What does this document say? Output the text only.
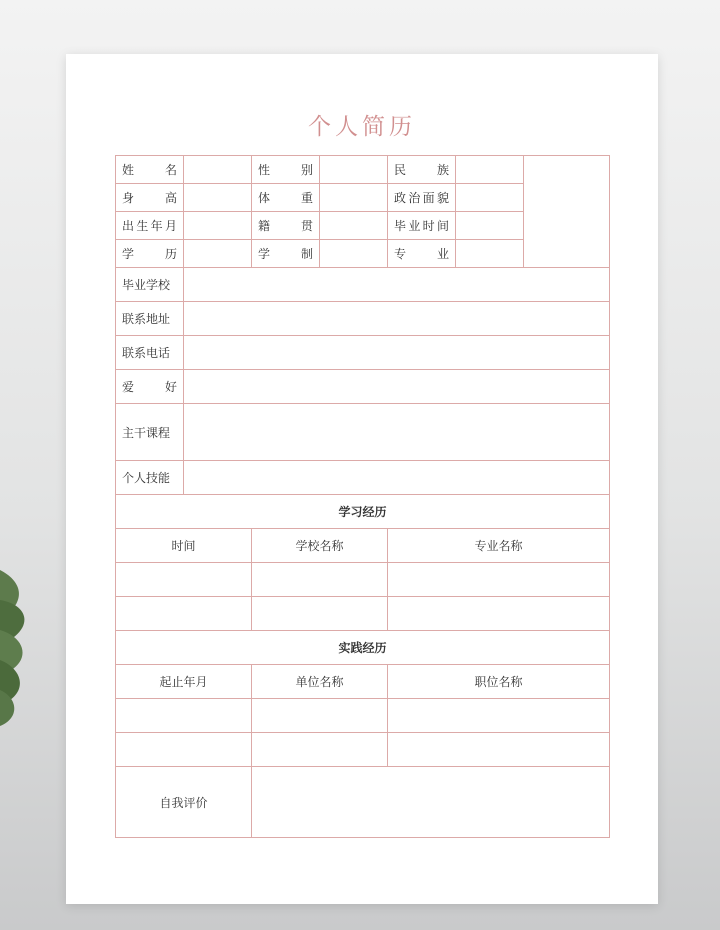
个人简历
姓　名		性 别		民　族		
身　高		体 重		政治面貌		
出生年月		籍 贯		毕业时间		
学　历		学 制		专　业		
毕业学校						
联系地址						
联系电话						
爱　好						
主干课程						
个人技能						
学习经历						
时间		学校名称		专业名称		

实践经历						
起止年月		单位名称		职位名称		

自我评价						
